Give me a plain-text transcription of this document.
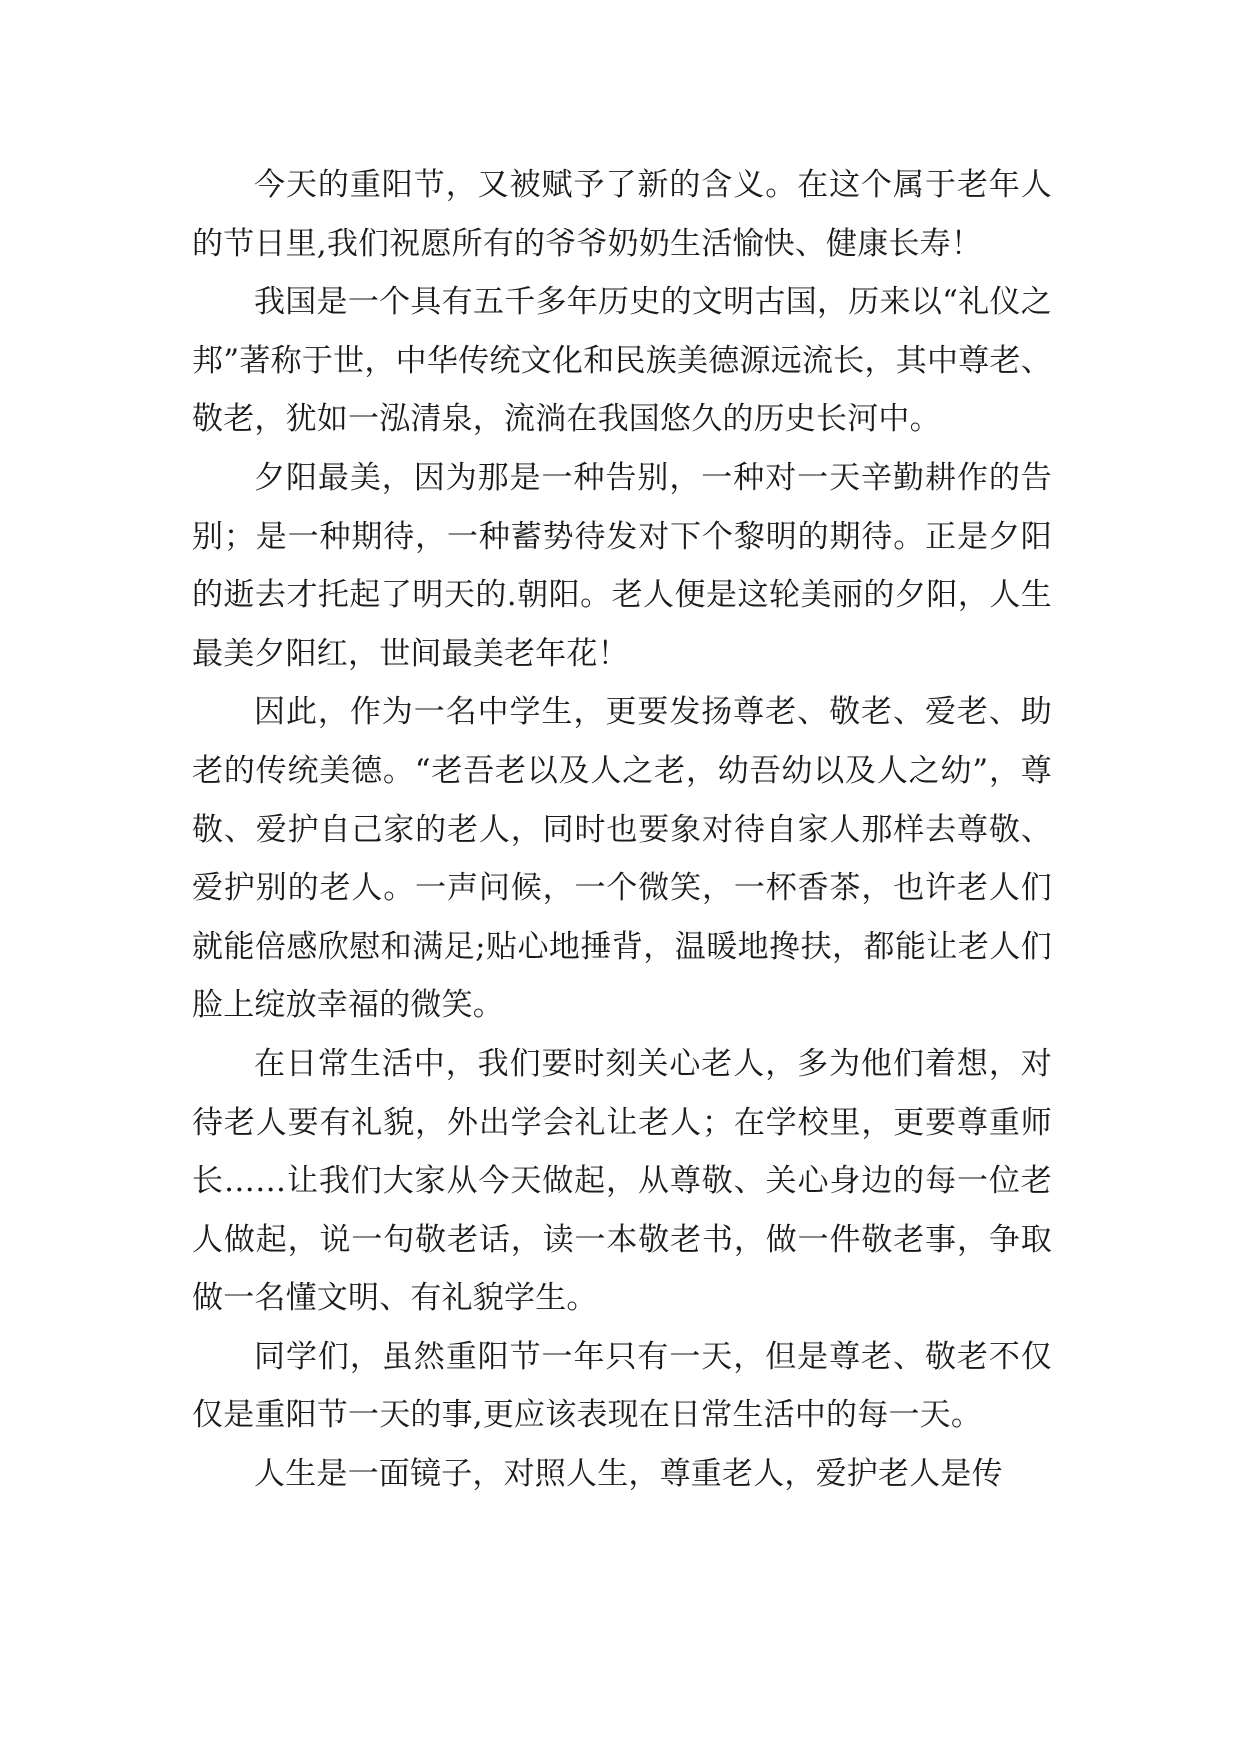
今天的重阳节，又被赋予了新的含义。在这个属于老年人的节日里,我们祝愿所有的爷爷奶奶生活愉快、健康长寿！

我国是一个具有五千多年历史的文明古国，历来以“礼仪之邦”著称于世，中华传统文化和民族美德源远流长，其中尊老、敬老，犹如一泓清泉，流淌在我国悠久的历史长河中。

夕阳最美，因为那是一种告别，一种对一天辛勤耕作的告别；是一种期待，一种蓄势待发对下个黎明的期待。正是夕阳的逝去才托起了明天的.朝阳。老人便是这轮美丽的夕阳，人生最美夕阳红，世间最美老年花！

因此，作为一名中学生，更要发扬尊老、敬老、爱老、助老的传统美德。“老吾老以及人之老，幼吾幼以及人之幼”，尊敬、爱护自己家的老人，同时也要象对待自家人那样去尊敬、爱护别的老人。一声问候，一个微笑，一杯香茶，也许老人们就能倍感欣慰和满足;贴心地捶背，温暖地搀扶，都能让老人们脸上绽放幸福的微笑。

在日常生活中，我们要时刻关心老人，多为他们着想，对待老人要有礼貌，外出学会礼让老人；在学校里，更要尊重师长……让我们大家从今天做起，从尊敬、关心身边的每一位老人做起，说一句敬老话，读一本敬老书，做一件敬老事，争取做一名懂文明、有礼貌学生。

同学们，虽然重阳节一年只有一天，但是尊老、敬老不仅仅是重阳节一天的事,更应该表现在日常生活中的每一天。

人生是一面镜子，对照人生，尊重老人，爱护老人是传
